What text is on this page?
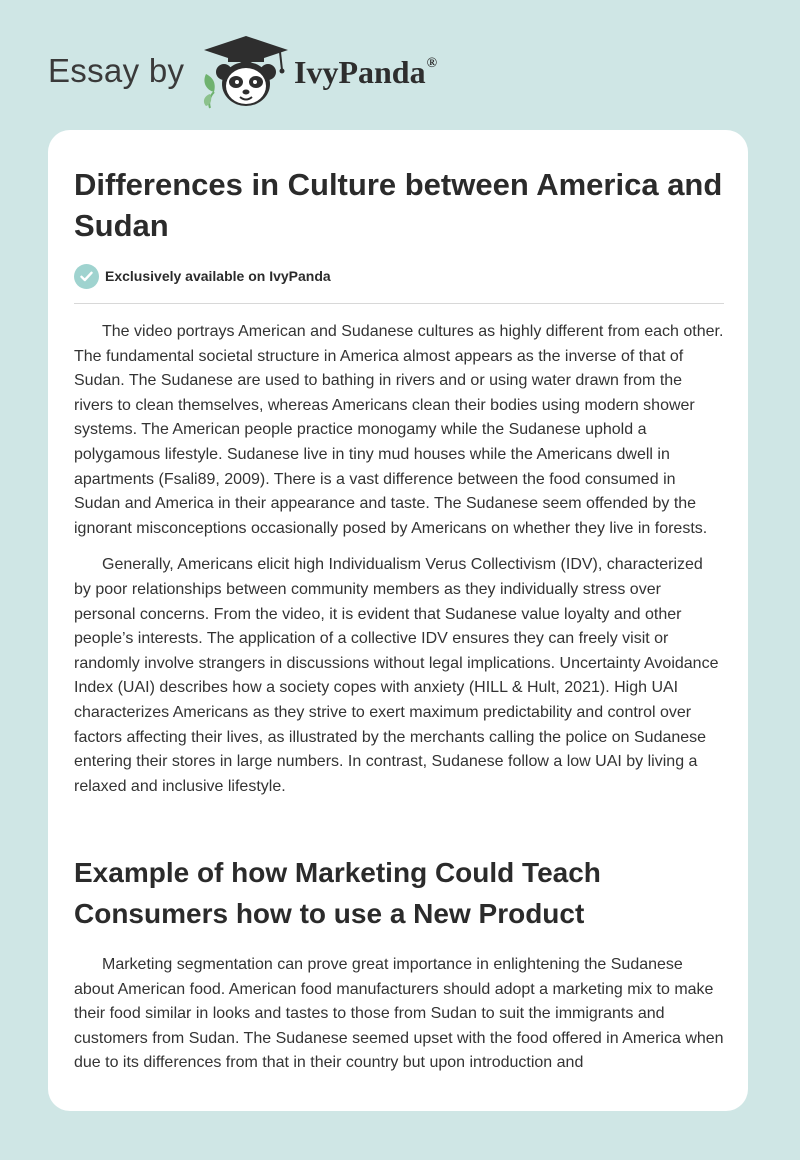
Essay by	IvyPanda®
Differences in Culture between America and Sudan
Exclusively available on IvyPanda

The video portrays American and Sudanese cultures as highly different from each other. The fundamental societal structure in America almost appears as the inverse of that of Sudan. The Sudanese are used to bathing in rivers and or using water drawn from the rivers to clean themselves, whereas Americans clean their bodies using modern shower systems. The American people practice monogamy while the Sudanese uphold a polygamous lifestyle. Sudanese live in tiny mud houses while the Americans dwell in apartments (Fsali89, 2009). There is a vast difference between the food consumed in Sudan and America in their appearance and taste. The Sudanese seem offended by the ignorant misconceptions occasionally posed by Americans on whether they live in forests.

Generally, Americans elicit high Individualism Verus Collectivism (IDV), characterized by poor relationships between community members as they individually stress over personal concerns. From the video, it is evident that Sudanese value loyalty and other people’s interests. The application of a collective IDV ensures they can freely visit or randomly involve strangers in discussions without legal implications. Uncertainty Avoidance Index (UAI) describes how a society copes with anxiety (HILL & Hult, 2021). High UAI characterizes Americans as they strive to exert maximum predictability and control over factors affecting their lives, as illustrated by the merchants calling the police on Sudanese entering their stores in large numbers. In contrast, Sudanese follow a low UAI by living a relaxed and inclusive lifestyle.

Example of how Marketing Could Teach Consumers how to use a New Product

Marketing segmentation can prove great importance in enlightening the Sudanese about American food. American food manufacturers should adopt a marketing mix to make their food similar in looks and tastes to those from Sudan to suit the immigrants and customers from Sudan. The Sudanese seemed upset with the food offered in America when due to its differences from that in their country but upon introduction and
